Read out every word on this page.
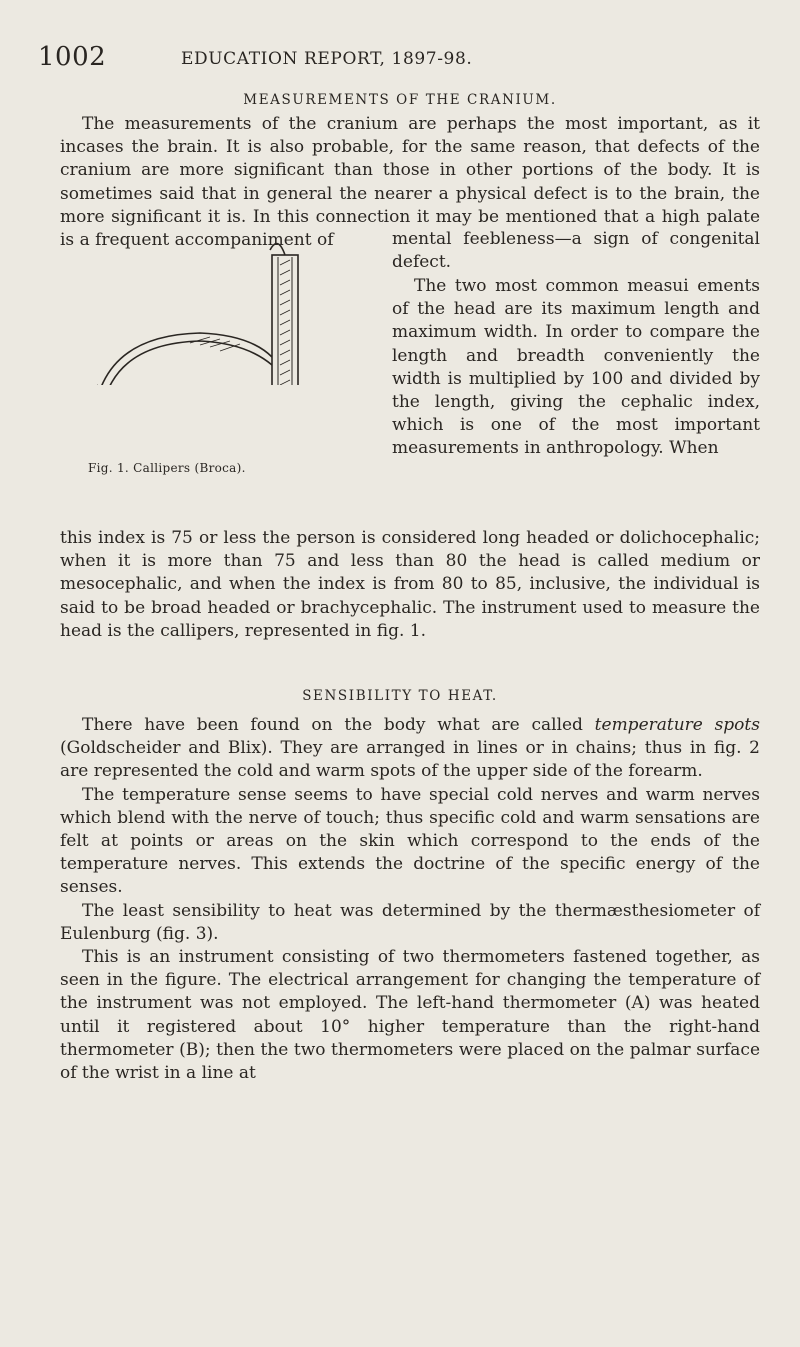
1002	EDUCATION REPORT, 1897-98.
MEASUREMENTS OF THE CRANIUM.

The measurements of the cranium are perhaps the most important, as it incases the brain. It is also probable, for the same reason, that defects of the cranium are more significant than those in other portions of the body. It is sometimes said that in general the nearer a physical defect is to the brain, the more significant it is. In this connection it may be mentioned that a high palate is a frequent accompaniment of	mental feebleness—a sign of congenital defect.
The two most common measui ements of the head are its maximum length and maximum width. In order to compare the length and breadth conveniently the width is multiplied by 100 and divided by the length, giving the cephalic index, which is one of the most important measurements in anthropology. When
Fig. 1. Callipers (Broca).
this index is 75 or less the person is considered long headed or dolichocephalic; when it is more than 75 and less than 80 the head is called medium or mesocephalic, and when the index is from 80 to 85, inclusive, the individual is said to be broad headed or brachycephalic. The instrument used to measure the head is the callipers, represented in fig. 1.
SENSIBILITY TO HEAT.

There have been found on the body what are called temperature spots (Goldscheider and Blix). They are arranged in lines or in chains; thus in fig. 2 are represented the cold and warm spots of the upper side of the forearm.

The temperature sense seems to have special cold nerves and warm nerves which blend with the nerve of touch; thus specific cold and warm sensations are felt at points or areas on the skin which correspond to the ends of the temperature nerves. This extends the doctrine of the specific energy of the senses.

The least sensibility to heat was determined by the thermæsthesiometer of Eulenburg (fig. 3).

This is an instrument consisting of two thermometers fastened together, as seen in the figure. The electrical arrangement for changing the temperature of the instrument was not employed. The left-hand thermometer (A) was heated until it registered about 10° higher temperature than the right-hand thermometer (B); then the two thermometers were placed on the palmar surface of the wrist in a line at
